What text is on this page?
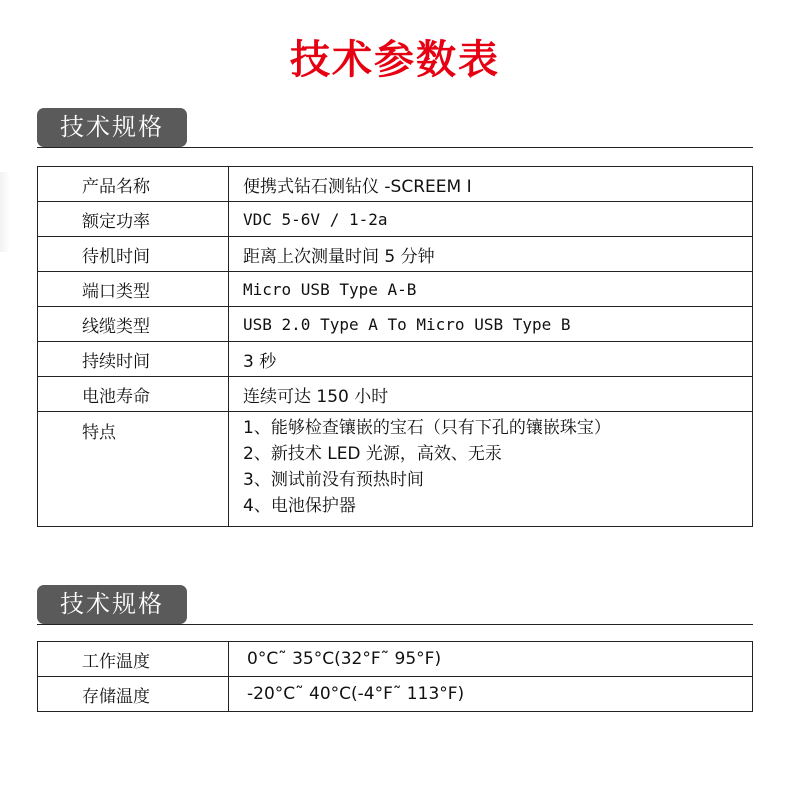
技术参数表
技术规格
产品名称	便携式钻石测钻仪 -SCREEM I
额定功率	VDC 5-6V / 1-2a
待机时间	距离上次测量时间 5 分钟
端口类型	Micro USB Type A-B
线缆类型	USB 2.0 Type A To Micro USB Type B
持续时间	3 秒
电池寿命	连续可达 150 小时
特点	1、能够检查镶嵌的宝石（只有下孔的镶嵌珠宝）
2、新技术 LED 光源，高效、无汞
3、测试前没有预热时间
4、电池保护器
技术规格
工作温度	0°C˜ 35°C(32°F˜ 95°F)
存储温度	-20°C˜ 40°C(-4°F˜ 113°F)
